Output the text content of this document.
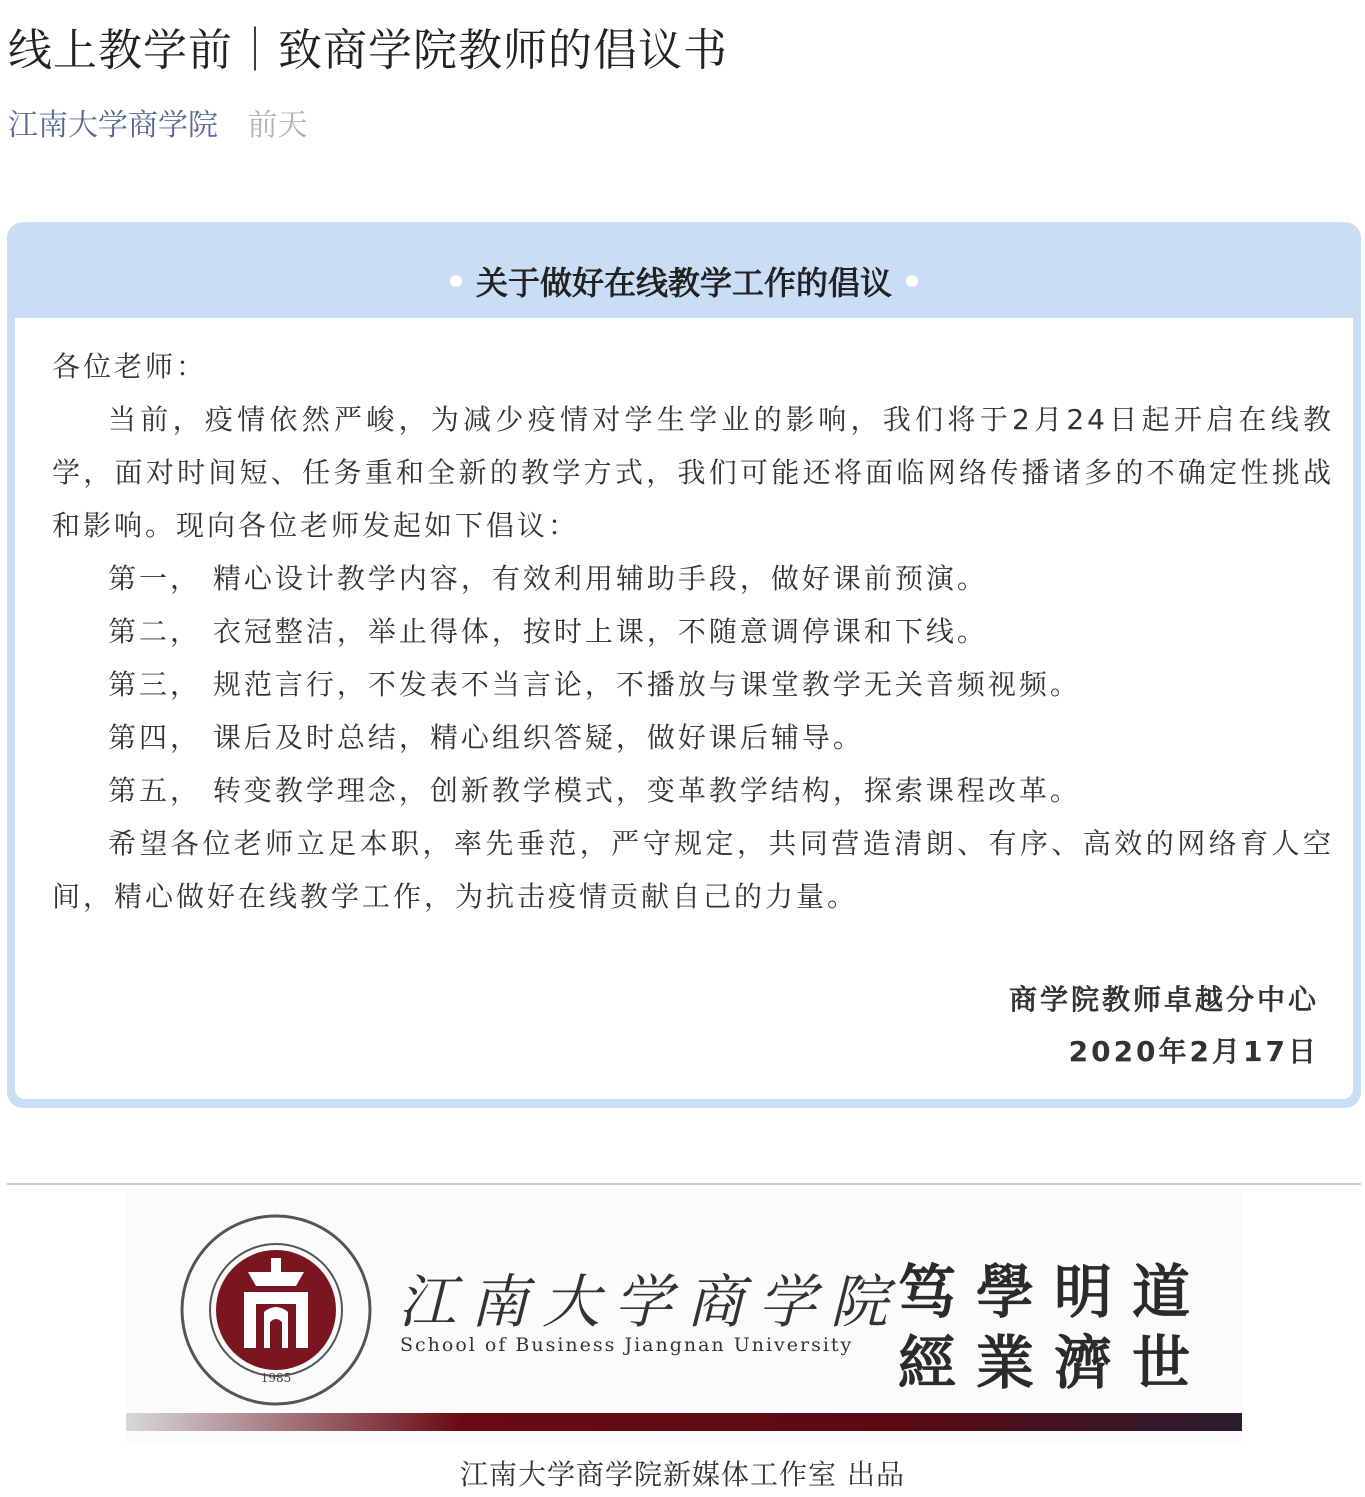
线上教学前｜致商学院教师的倡议书
江南大学商学院 前天
关于做好在线教学工作的倡议
各位老师：
当前，疫情依然严峻，为减少疫情对学生学业的影响，我们将于2月24日起开启在线教学，面对时间短、任务重和全新的教学方式，我们可能还将面临网络传播诸多的不确定性挑战和影响。现向各位老师发起如下倡议：
第一， 精心设计教学内容，有效利用辅助手段，做好课前预演。
第二， 衣冠整洁，举止得体，按时上课，不随意调停课和下线。
第三， 规范言行，不发表不当言论，不播放与课堂教学无关音频视频。
第四， 课后及时总结，精心组织答疑，做好课后辅导。
第五， 转变教学理念，创新教学模式，变革教学结构，探索课程改革。
希望各位老师立足本职，率先垂范，严守规定，共同营造清朗、有序、高效的网络育人空间，精心做好在线教学工作，为抗击疫情贡献自己的力量。
商学院教师卓越分中心
2020年2月17日
1985
江南大学商学院
School of Business Jiangnan University
笃學明道
經業濟世
江南大学商学院新媒体工作室 出品
